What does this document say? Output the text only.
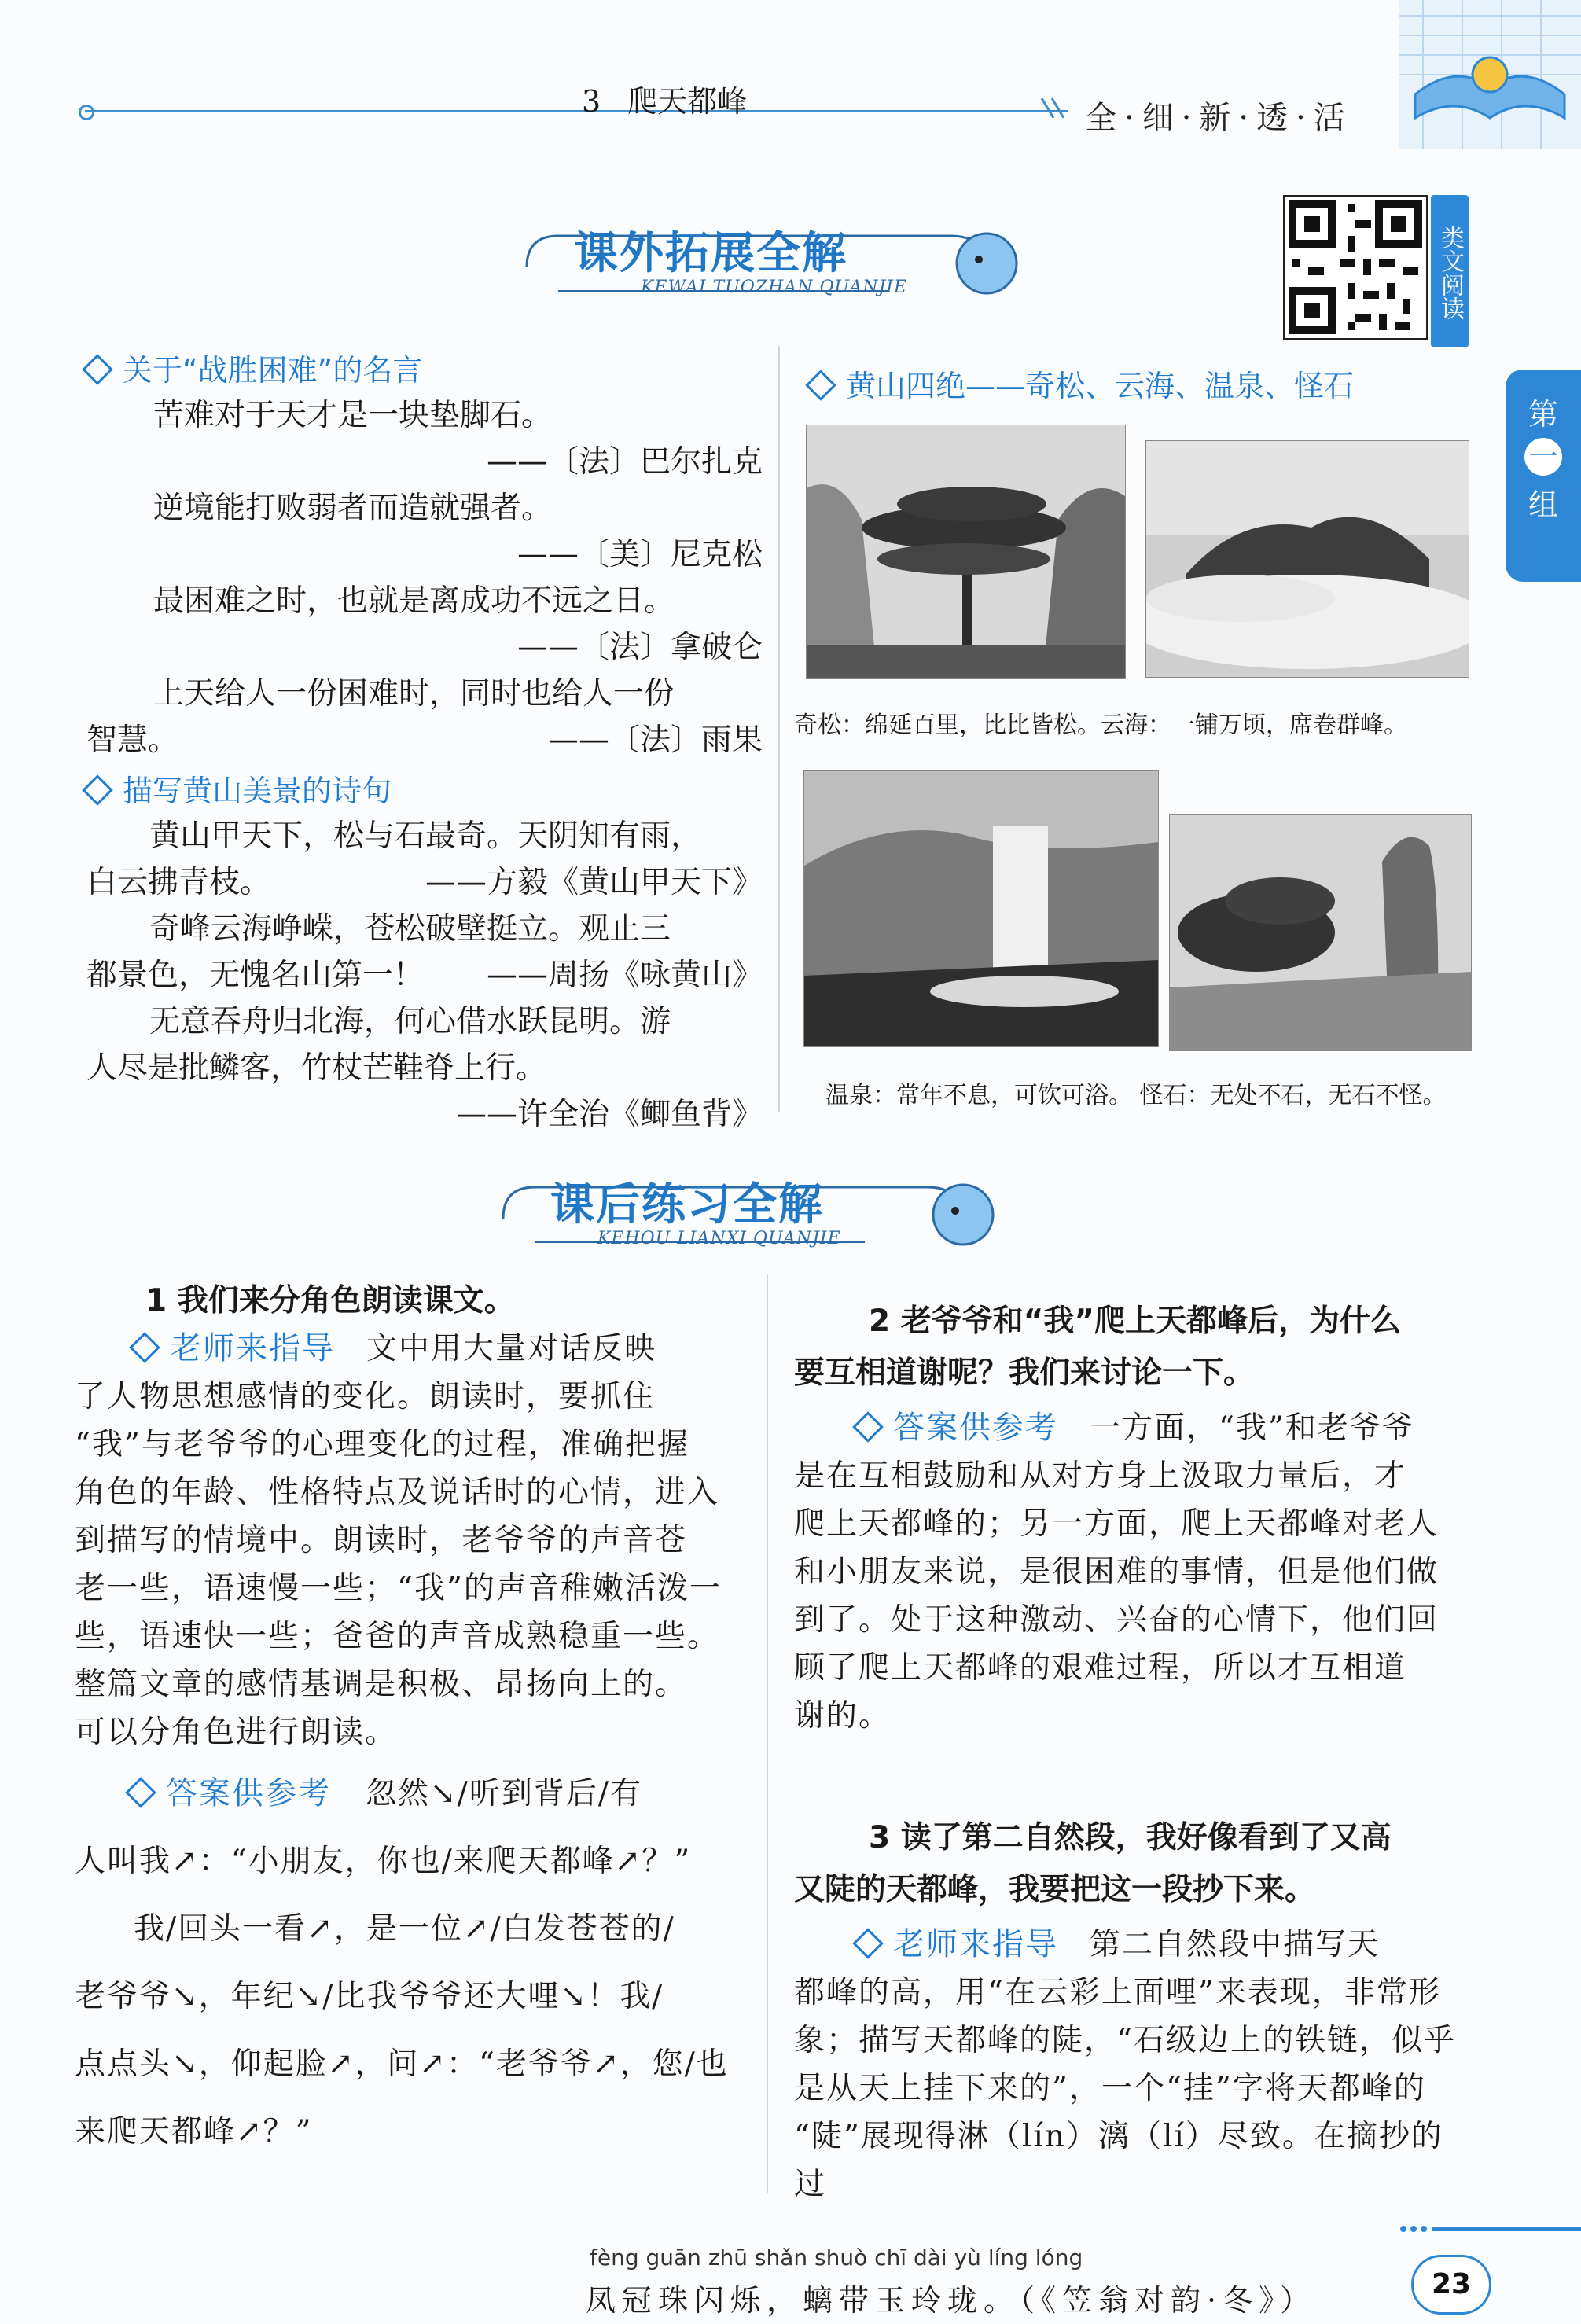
3 爬天都峰	全·细·新·透·活
课外拓展全解
KEWAI TUOZHAN QUANJIE	类文阅读
第
一
组
关于“战胜困难”的名言
苦难对于天才是一块垫脚石。
——〔法〕巴尔扎克
逆境能打败弱者而造就强者。
——〔美〕尼克松
最困难之时，也就是离成功不远之日。
——〔法〕拿破仑
上天给人一份困难时，同时也给人一份
智慧。	——〔法〕雨果
描写黄山美景的诗句
黄山甲天下，松与石最奇。天阴知有雨，
白云拂青枝。	——方毅《黄山甲天下》
奇峰云海峥嵘，苍松破壁挺立。观止三
都景色，无愧名山第一！ ——周扬《咏黄山》
无意吞舟归北海，何心借水跃昆明。游
人尽是批鳞客，竹杖芒鞋脊上行。
——许全治《鲫鱼背》
黄山四绝——奇松、云海、温泉、怪石
奇松：绵延百里，比比皆松。云海：一铺万顷，席卷群峰。
温泉：常年不息，可饮可浴。 怪石：无处不石，无石不怪。
课后练习全解
KEHOU LIANXI QUANJIE
1 我们来分角色朗读课文。
老师来指导 文中用大量对话反映
了人物思想感情的变化。朗读时，要抓住
“我”与老爷爷的心理变化的过程，准确把握
角色的年龄、性格特点及说话时的心情，进入
到描写的情境中。朗读时，老爷爷的声音苍
老一些，语速慢一些；“我”的声音稚嫩活泼一
些，语速快一些；爸爸的声音成熟稳重一些。
整篇文章的感情基调是积极、昂扬向上的。
可以分角色进行朗读。
答案供参考 忽然↘/听到背后/有
人叫我↗：“小朋友，你也/来爬天都峰↗？”
我/回头一看↗，是一位↗/白发苍苍的/
老爷爷↘，年纪↘/比我爷爷还大哩↘！我/
点点头↘，仰起脸↗，问↗：“老爷爷↗，您/也
来爬天都峰↗？”
2 老爷爷和“我”爬上天都峰后，为什么
要互相道谢呢？我们来讨论一下。
答案供参考 一方面，“我”和老爷爷
是在互相鼓励和从对方身上汲取力量后，才
爬上天都峰的；另一方面，爬上天都峰对老人
和小朋友来说，是很困难的事情，但是他们做
到了。处于这种激动、兴奋的心情下，他们回
顾了爬上天都峰的艰难过程，所以才互相道
谢的。
3 读了第二自然段，我好像看到了又高
又陡的天都峰，我要把这一段抄下来。
老师来指导 第二自然段中描写天
都峰的高，用“在云彩上面哩”来表现，非常形
象；描写天都峰的陡，“石级边上的铁链，似乎
是从天上挂下来的”，一个“挂”字将天都峰的
“陡”展现得淋（lín）漓（lí）尽致。在摘抄的过
fèng guān zhū shǎn shuò chī dài yù líng lóng
凤冠珠闪烁，螭带玉玲珑。（《笠翁对韵·冬》）	23
